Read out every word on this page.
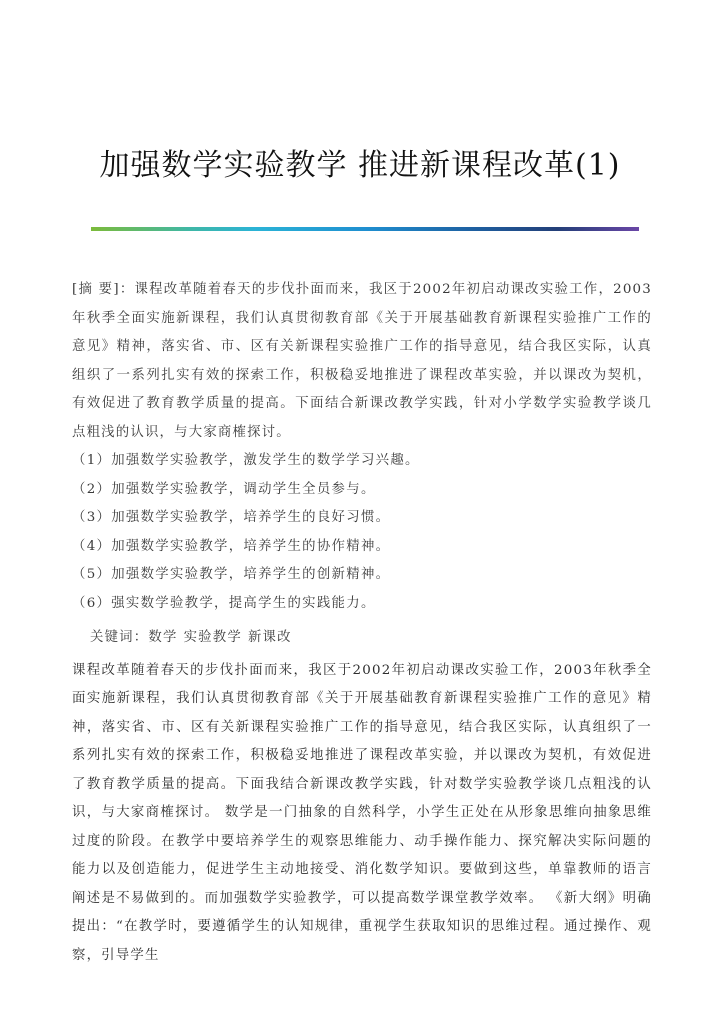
加强数学实验教学 推进新课程改革(1)

[摘 要]：课程改革随着春天的步伐扑面而来，我区于2002年初启动课改实验工作，2003年秋季全面实施新课程，我们认真贯彻教育部《关于开展基础教育新课程实验推广工作的意见》精神，落实省、市、区有关新课程实验推广工作的指导意见，结合我区实际，认真组织了一系列扎实有效的探索工作，积极稳妥地推进了课程改革实验，并以课改为契机，有效促进了教育教学质量的提高。下面结合新课改教学实践，针对小学数学实验教学谈几点粗浅的认识，与大家商榷探讨。

（1）加强数学实验教学，激发学生的数学学习兴趣。

（2）加强数学实验教学，调动学生全员参与。

（3）加强数学实验教学，培养学生的良好习惯。

（4）加强数学实验教学，培养学生的协作精神。

（5）加强数学实验教学，培养学生的创新精神。

（6）强实数学验教学，提高学生的实践能力。

关键词：数学 实验教学 新课改

课程改革随着春天的步伐扑面而来，我区于2002年初启动课改实验工作，2003年秋季全面实施新课程，我们认真贯彻教育部《关于开展基础教育新课程实验推广工作的意见》精神，落实省、市、区有关新课程实验推广工作的指导意见，结合我区实际，认真组织了一系列扎实有效的探索工作，积极稳妥地推进了课程改革实验，并以课改为契机，有效促进了教育教学质量的提高。下面我结合新课改教学实践，针对数学实验教学谈几点粗浅的认识，与大家商榷探讨。 数学是一门抽象的自然科学，小学生正处在从形象思维向抽象思维过度的阶段。在教学中要培养学生的观察思维能力、动手操作能力、探究解决实际问题的能力以及创造能力，促进学生主动地接受、消化数学知识。要做到这些，单靠教师的语言阐述是不易做到的。而加强数学实验教学，可以提高数学课堂教学效率。 《新大纲》明确提出：“在教学时，要遵循学生的认知规律，重视学生获取知识的思维过程。通过操作、观察，引导学生
